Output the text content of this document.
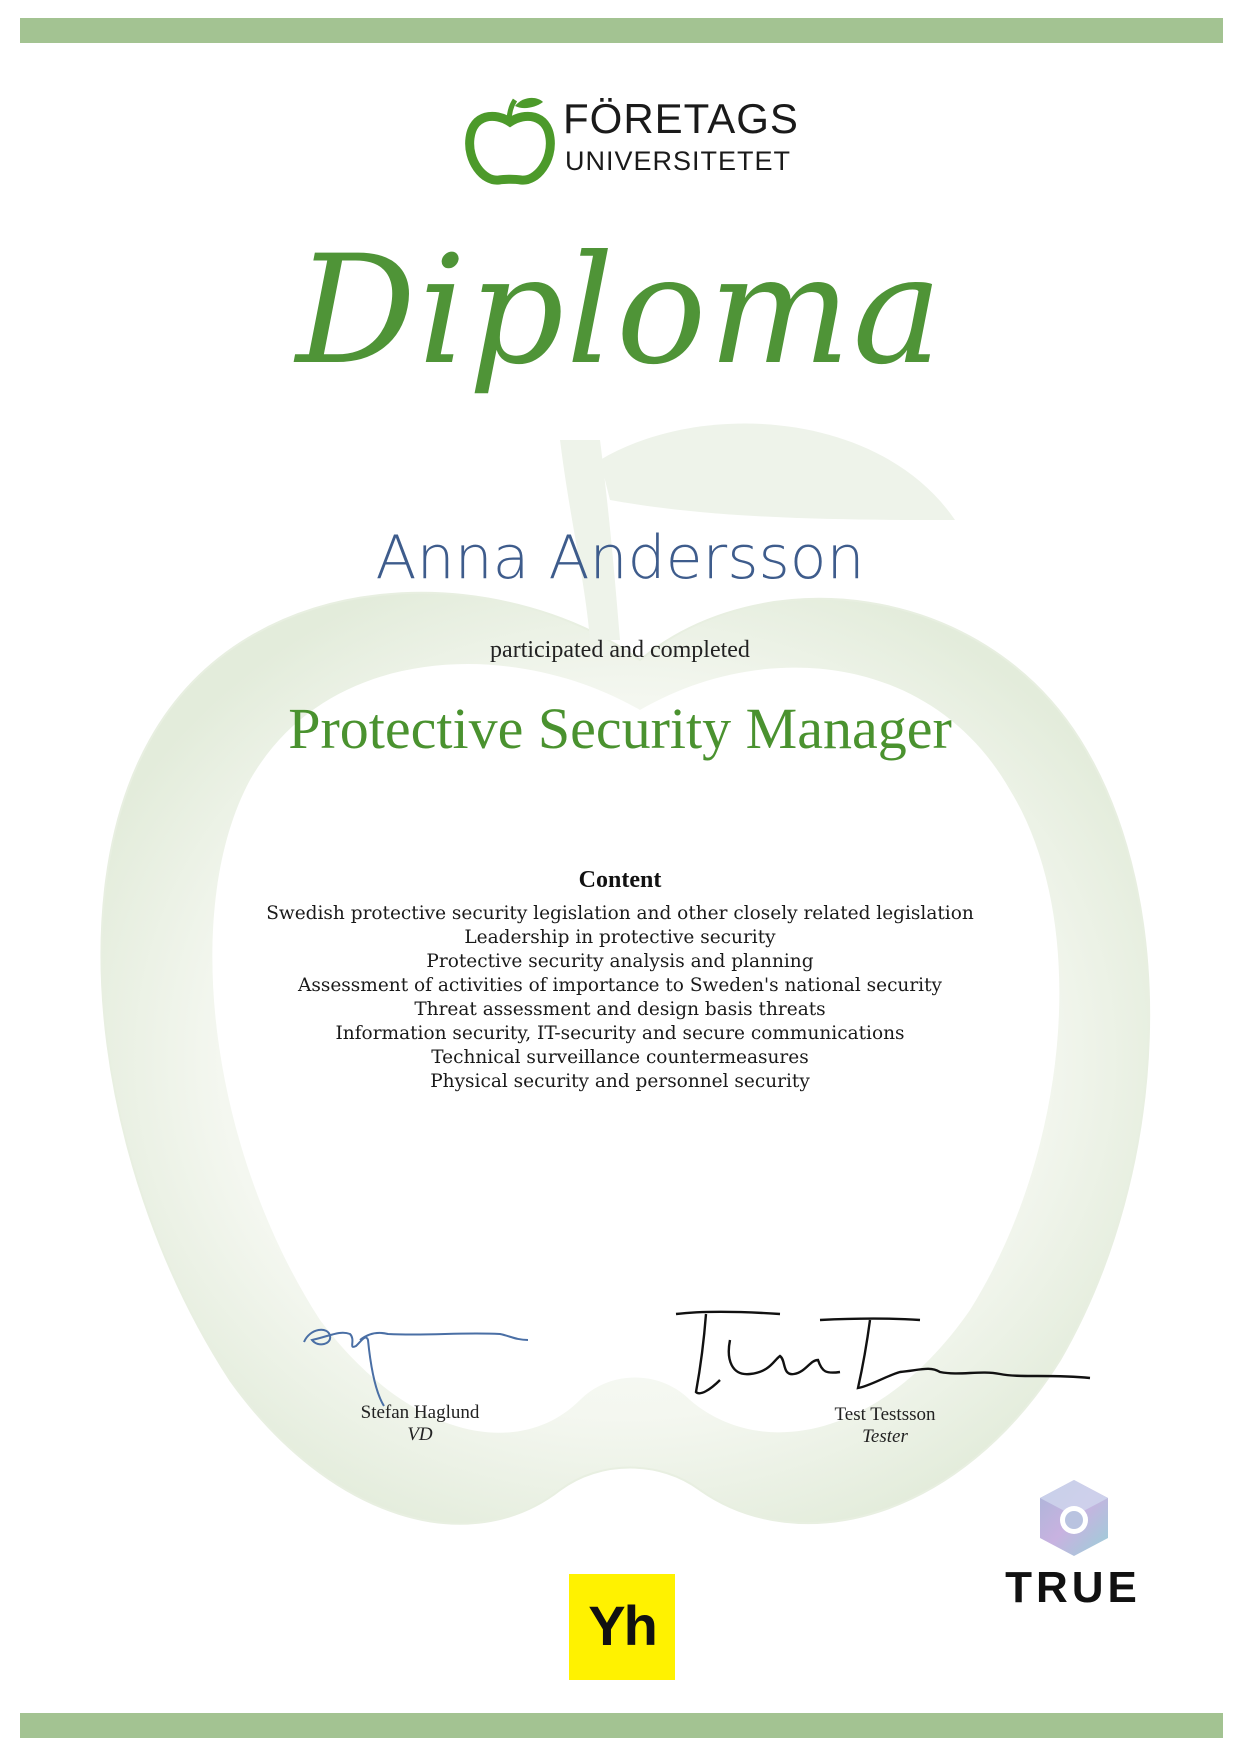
FÖRETAGS
UNIVERSITETET
Diploma
Anna Andersson
participated and completed
Protective Security Manager
Content
Swedish protective security legislation and other closely related legislation
Leadership in protective security
Protective security analysis and planning
Assessment of activities of importance to Sweden's national security
Threat assessment and design basis threats
Information security, IT-security and secure communications
Technical surveillance countermeasures
Physical security and personnel security
Stefan Haglund
VD
Test Testsson
Tester
Yh
TRUE
